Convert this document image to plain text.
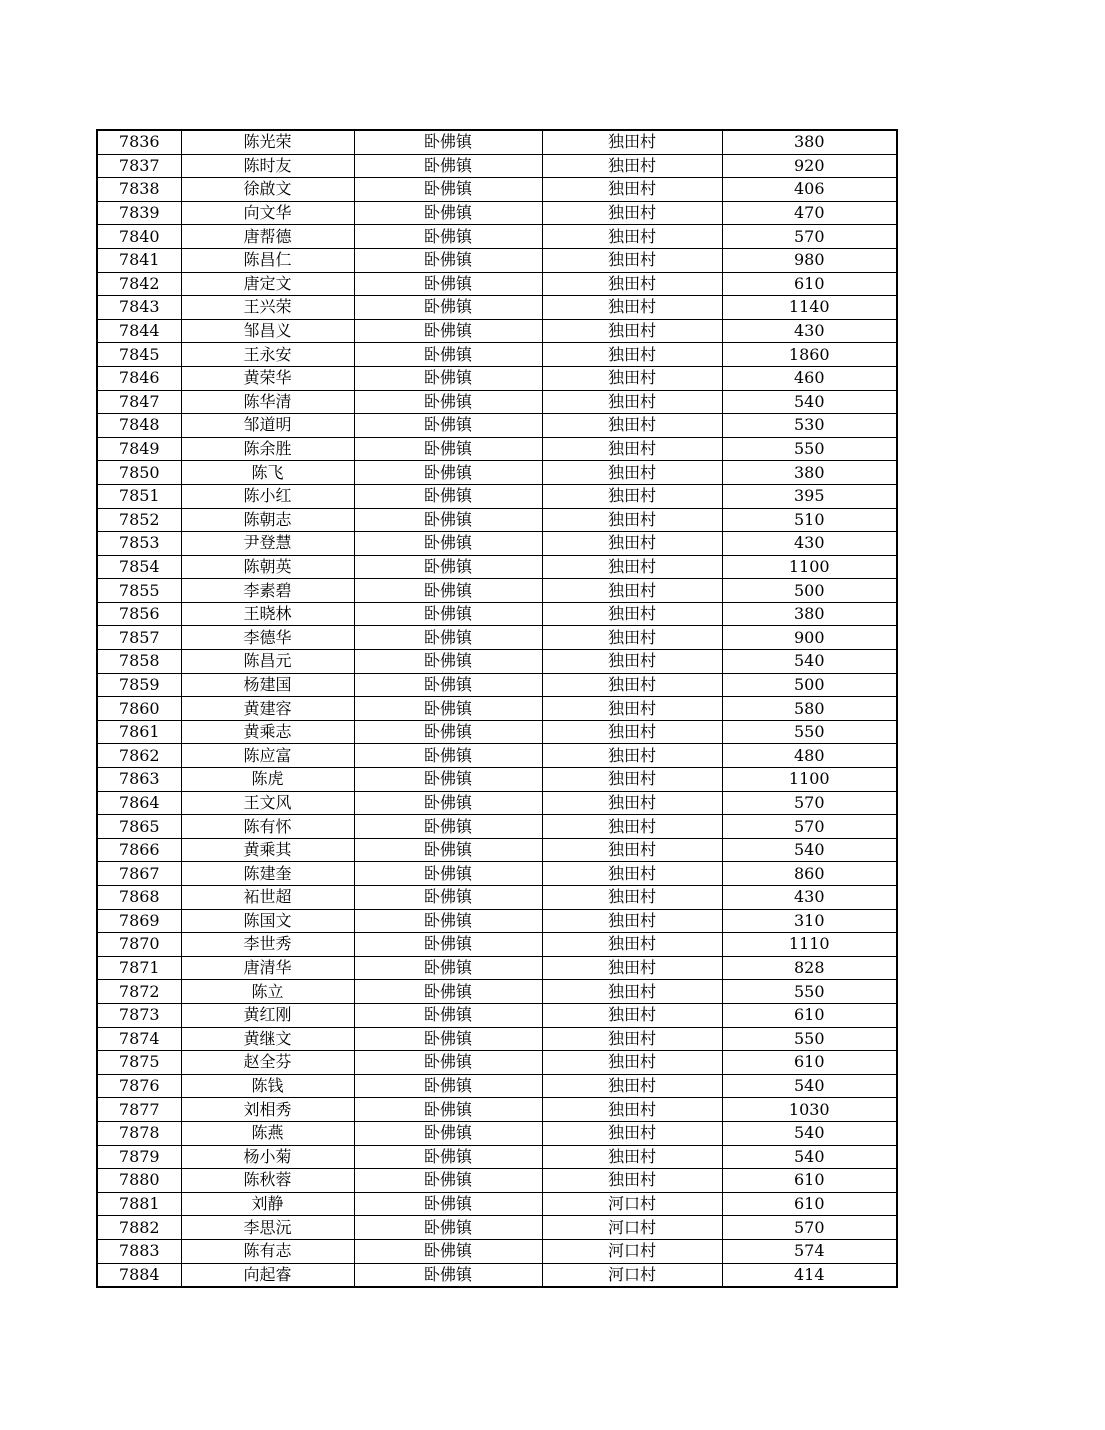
7836	陈光荣	卧佛镇	独田村	380
7837	陈时友	卧佛镇	独田村	920
7838	徐啟文	卧佛镇	独田村	406
7839	向文华	卧佛镇	独田村	470
7840	唐帮德	卧佛镇	独田村	570
7841	陈昌仁	卧佛镇	独田村	980
7842	唐定文	卧佛镇	独田村	610
7843	王兴荣	卧佛镇	独田村	1140
7844	邹昌义	卧佛镇	独田村	430
7845	王永安	卧佛镇	独田村	1860
7846	黄荣华	卧佛镇	独田村	460
7847	陈华清	卧佛镇	独田村	540
7848	邹道明	卧佛镇	独田村	530
7849	陈余胜	卧佛镇	独田村	550
7850	陈飞	卧佛镇	独田村	380
7851	陈小红	卧佛镇	独田村	395
7852	陈朝志	卧佛镇	独田村	510
7853	尹登慧	卧佛镇	独田村	430
7854	陈朝英	卧佛镇	独田村	1100
7855	李素碧	卧佛镇	独田村	500
7856	王晓林	卧佛镇	独田村	380
7857	李德华	卧佛镇	独田村	900
7858	陈昌元	卧佛镇	独田村	540
7859	杨建国	卧佛镇	独田村	500
7860	黄建容	卧佛镇	独田村	580
7861	黄乘志	卧佛镇	独田村	550
7862	陈应富	卧佛镇	独田村	480
7863	陈虎	卧佛镇	独田村	1100
7864	王文风	卧佛镇	独田村	570
7865	陈有怀	卧佛镇	独田村	570
7866	黄乘其	卧佛镇	独田村	540
7867	陈建奎	卧佛镇	独田村	860
7868	袥世超	卧佛镇	独田村	430
7869	陈国文	卧佛镇	独田村	310
7870	李世秀	卧佛镇	独田村	1110
7871	唐清华	卧佛镇	独田村	828
7872	陈立	卧佛镇	独田村	550
7873	黄红刚	卧佛镇	独田村	610
7874	黄继文	卧佛镇	独田村	550
7875	赵全芬	卧佛镇	独田村	610
7876	陈钱	卧佛镇	独田村	540
7877	刘相秀	卧佛镇	独田村	1030
7878	陈燕	卧佛镇	独田村	540
7879	杨小菊	卧佛镇	独田村	540
7880	陈秋蓉	卧佛镇	独田村	610
7881	刘静	卧佛镇	河口村	610
7882	李思沅	卧佛镇	河口村	570
7883	陈有志	卧佛镇	河口村	574
7884	向起睿	卧佛镇	河口村	414
